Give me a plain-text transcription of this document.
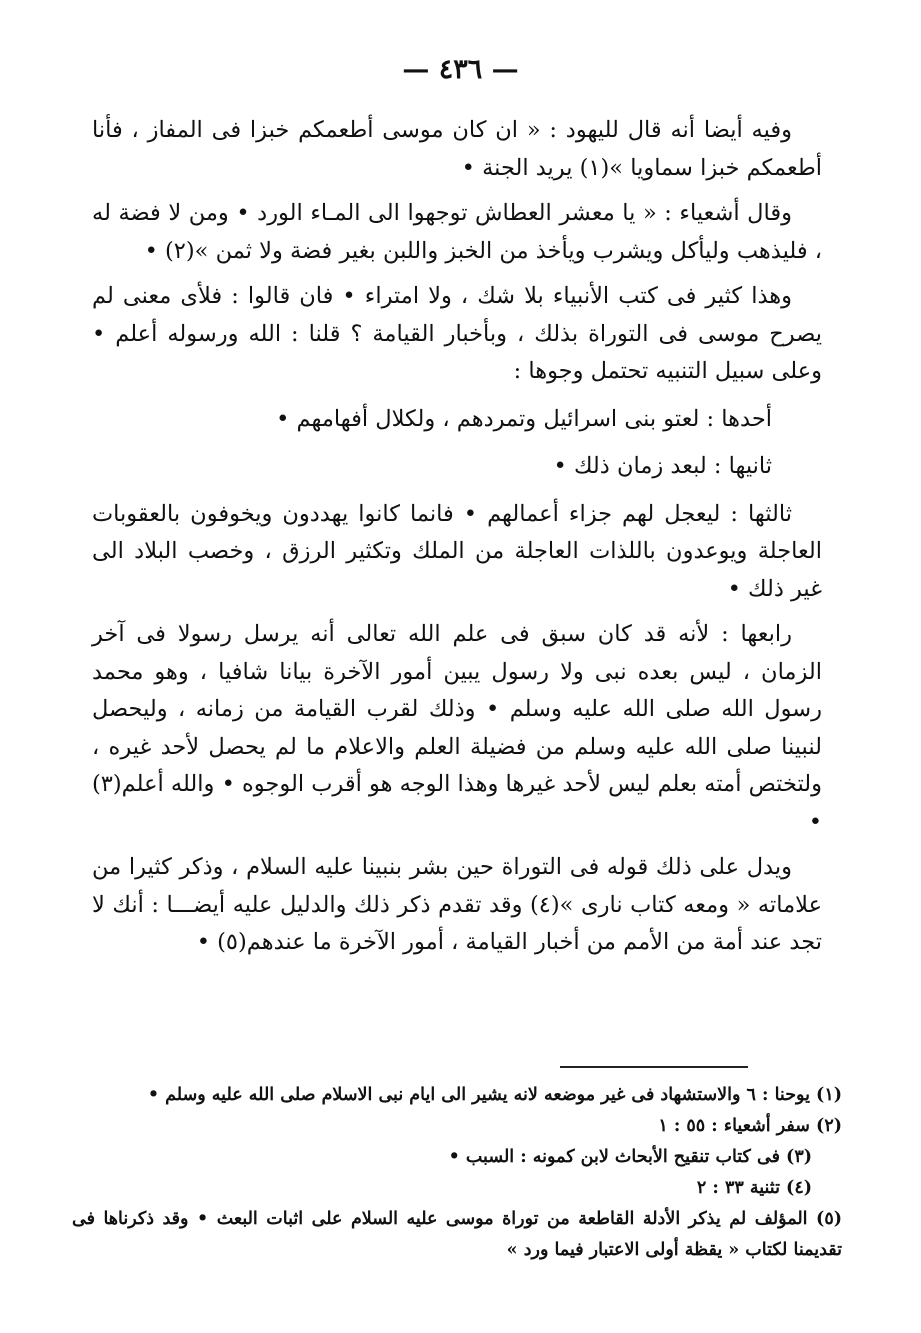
— ٤٣٦ —

وفيه أيضا أنه قال لليهود : « ان كان موسى أطعمكم خبزا فى المفاز ، فأنا أطعمكم خبزا سماويا »(١) يريد الجنة •

وقال أشعياء : « يا معشر العطاش توجهوا الى المـاء الورد • ومن لا فضة له ، فليذهب وليأكل ويشرب ويأخذ من الخبز واللبن بغير فضة ولا ثمن »(٢) •

وهذا كثير فى كتب الأنبياء بلا شك ، ولا امتراء • فان قالوا : فلأى معنى لم يصرح موسى فى التوراة بذلك ، وبأخبار القيامة ؟ قلنا : الله ورسوله أعلم • وعلى سبيل التنبيه تحتمل وجوها :

أحدها : لعتو بنى اسرائيل وتمردهم ، ولكلال أفهامهم •

ثانيها : لبعد زمان ذلك •

ثالثها : ليعجل لهم جزاء أعمالهم • فانما كانوا يهددون ويخوفون بالعقوبات العاجلة ويوعدون باللذات العاجلة من الملك وتكثير الرزق ، وخصب البلاد الى غير ذلك •

رابعها : لأنه قد كان سبق فى علم الله تعالى أنه يرسل رسولا فى آخر الزمان ، ليس بعده نبى ولا رسول يبين أمور الآخرة بيانا شافيا ، وهو محمد رسول الله صلى الله عليه وسلم • وذلك لقرب القيامة من زمانه ، وليحصل لنبينا صلى الله عليه وسلم من فضيلة العلم والاعلام ما لم يحصل لأحد غيره ، ولتختص أمته بعلم ليس لأحد غيرها وهذا الوجه هو أقرب الوجوه • والله أعلم(٣) •

ويدل على ذلك قوله فى التوراة حين بشر بنبينا عليه السلام ، وذكر كثيرا من علاماته « ومعه كتاب نارى »(٤) وقد تقدم ذكر ذلك والدليل عليه أيضـــا : أنك لا تجد عند أمة من الأمم من أخبار القيامة ، أمور الآخرة ما عندهم(٥) •

(١) يوحنا : ٦ والاستشهاد فى غير موضعه لانه يشير الى ايام نبى الاسلام صلى الله عليه وسلم •

(٢) سفر أشعياء : ٥٥ : ١

(٣) فى كتاب تنقيح الأبحاث لابن كمونه : السبب •

(٤) تثنية ٣٣ : ٢

(٥) المؤلف لم يذكر الأدلة القاطعة من توراة موسى عليه السلام على اثبات البعث • وقد ذكرناها فى تقديمنا لكتاب « يقظة أولى الاعتبار فيما ورد »
